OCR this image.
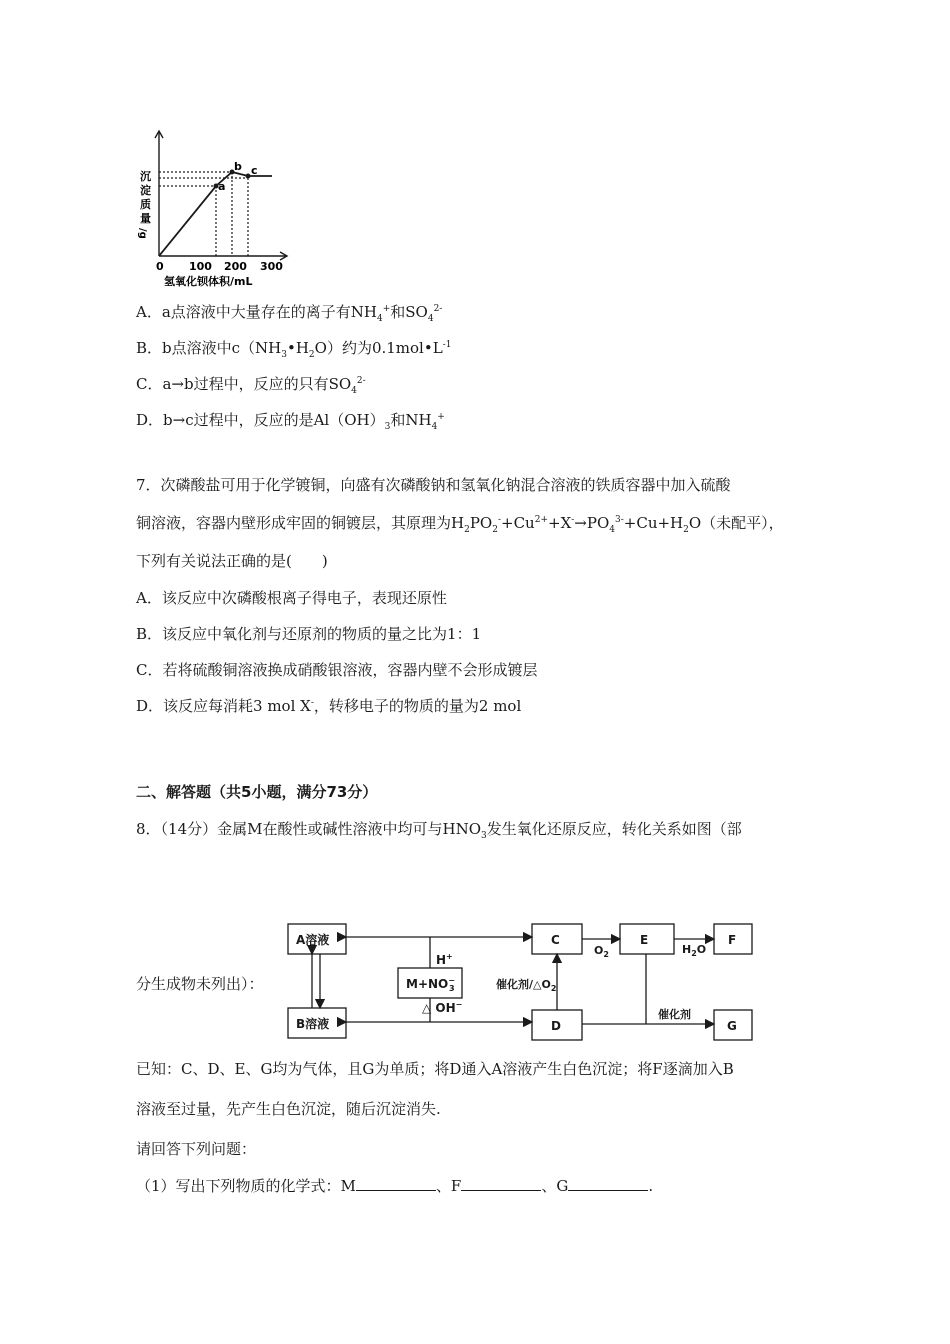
a
b c
沉
淀
质
量
/g
0 100 200 300
氢氧化钡体积/mL
A．a点溶液中大量存在的离子有$NH_4^+$和$SO_4^{2-}$
B．b点溶液中$c(NH_3•H_2O)$约为$0.1mol•L^{-1}$
C．a→b过程中，反应的只有$SO_4^{2-}$
D．b→c过程中，反应的是$Al(OH)_3$和$NH_4^+$
7．次磷酸盐可用于化学镀铜，向盛有次磷酸钠和氢氧化钠混合溶液的铁质容器中加入硫酸
铜溶液，容器内壁形成牢固的铜镀层，其原理为$H_2PO_2^-+Cu^{2+}+X^-\to PO_4^{3-}+Cu+H_2O$（未配平），
下列有关说法正确的是(　　)
A．该反应中次磷酸根离子得电子，表现还原性
B．该反应中氧化剂与还原剂的物质的量之比为1：1
C．若将硫酸铜溶液换成硝酸银溶液，容器内壁不会形成镀层
D．该反应每消耗3 mol X-，转移电子的物质的量为2 mol
二、解答题（共5小题，满分73分）
8．（14分）金属M在酸性或碱性溶液中均可与$HNO_3$发生氧化还原反应，转化关系如图（部
分生成物未列出）：
A溶液
B溶液
M+NO− 3
C
D
E	F
G
H+
△ OH−
$O_2$	$H_2O$
催化剂$/\triangle O_2$
催化剂
已知：C、D、E、G均为气体，且G为单质；将D通入A溶液产生白色沉淀；将F逐滴加入B
溶液至过量，先产生白色沉淀，随后沉淀消失.
请回答下列问题：
（1）写出下列物质的化学式：M	、F	、G	.
